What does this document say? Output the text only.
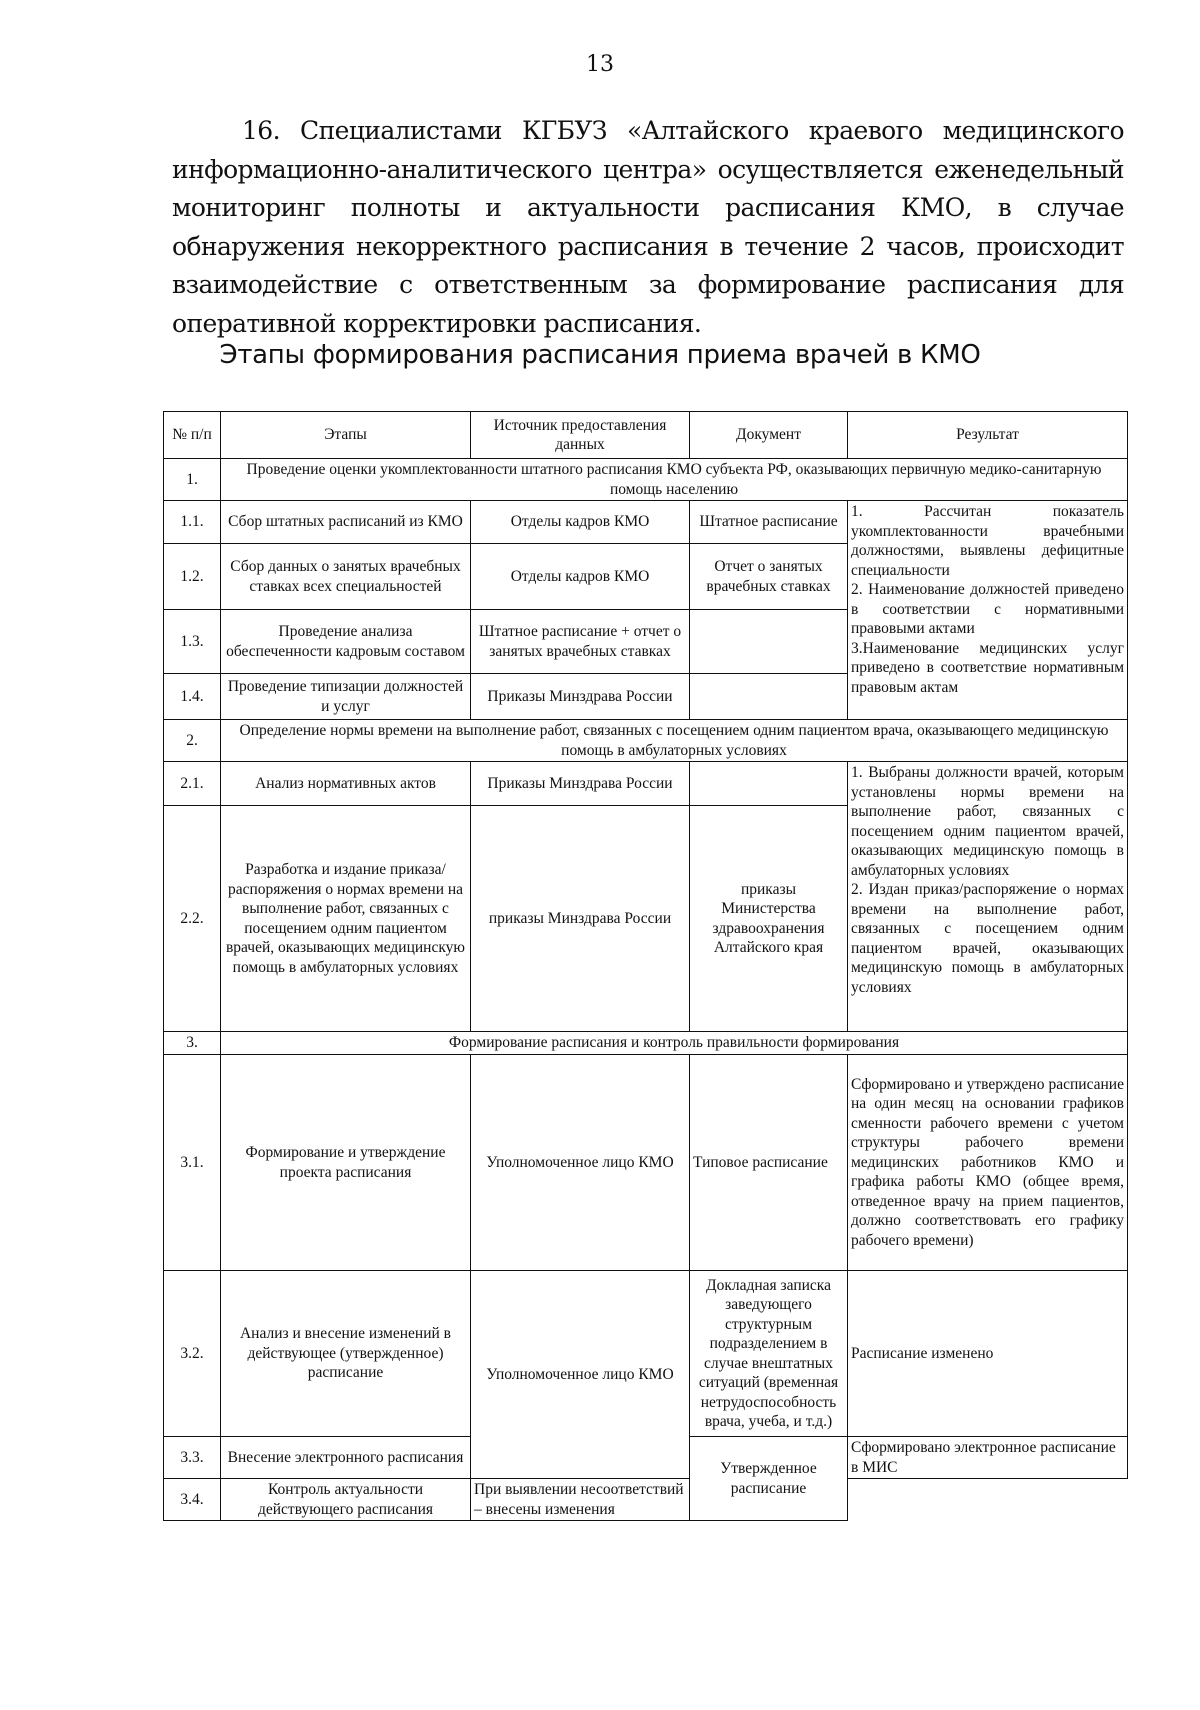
13

16. Специалистами КГБУЗ «Алтайского краевого медицинского информационно-аналитического центра» осуществляется еженедельный мониторинг полноты и актуальности расписания КМО, в случае обнаружения некорректного расписания в течение 2 часов, происходит взаимодействие с ответственным за формирование расписания для оперативной корректировки расписания.

Этапы формирования расписания приема врачей в КМО
№ п/п	Этапы	Источник предоставления данных	Документ	Результат
1.	Проведение оценки укомплектованности штатного расписания КМО субъекта РФ, оказывающих первичную медико-санитарную помощь населению			
1.1.	Сбор штатных расписаний из КМО	Отделы кадров КМО	Штатное расписание	1. Рассчитан показатель укомплектованности врачебными должностями, выявлены дефицитные специальности
2. Наименование должностей приведено в соответствии с нормативными правовыми актами
3.Наименование медицинских услуг приведено в соответствие нормативным правовым актам
1.2.	Сбор данных о занятых врачебных ставках всех специальностей	Отделы кадров КМО	Отчет о занятых врачебных ставках	
1.3.	Проведение анализа обеспеченности кадровым составом	Штатное расписание + отчет о занятых врачебных ставках		
1.4.	Проведение типизации должностей и услуг	Приказы Минздрава России		
2.	Определение нормы времени на выполнение работ, связанных с посещением одним пациентом врача, оказывающего медицинскую помощь в амбулаторных условиях			
2.1.	Анализ нормативных актов	Приказы Минздрава России		1. Выбраны должности врачей, которым установлены нормы времени на выполнение работ, связанных с посещением одним пациентом врачей, оказывающих медицинскую помощь в амбулаторных условиях
2. Издан приказ/распоряжение о нормах времени на выполнение работ, связанных с посещением одним пациентом врачей, оказывающих медицинскую помощь в амбулаторных условиях
2.2.	Разработка и издание приказа/распоряжения о нормах времени на выполнение работ, связанных с посещением одним пациентом врачей, оказывающих медицинскую помощь в амбулаторных условиях	приказы Минздрава России	приказы Министерства здравоохранения Алтайского края	
3.	Формирование расписания и контроль правильности формирования			
3.1.	Формирование и утверждение проекта расписания	Уполномоченное лицо КМО	Типовое расписание	Сформировано и утверждено расписание на один месяц на основании графиков сменности рабочего времени с учетом структуры рабочего времени медицинских работников КМО и графика работы КМО (общее время, отведенное врачу на прием пациентов, должно соответствовать его графику рабочего времени)
3.2.	Анализ и внесение изменений в действующее (утвержденное) расписание	Уполномоченное лицо КМО	Докладная записка заведующего структурным подразделением в случае внештатных ситуаций (временная нетрудоспособность врача, учеба, и т.д.)	Расписание изменено
3.3.	Внесение электронного расписания		Утвержденное расписание	Сформировано электронное расписание в МИС
3.4.	Контроль актуальности действующего расписания	При выявлении несоответствий – внесены изменения		
